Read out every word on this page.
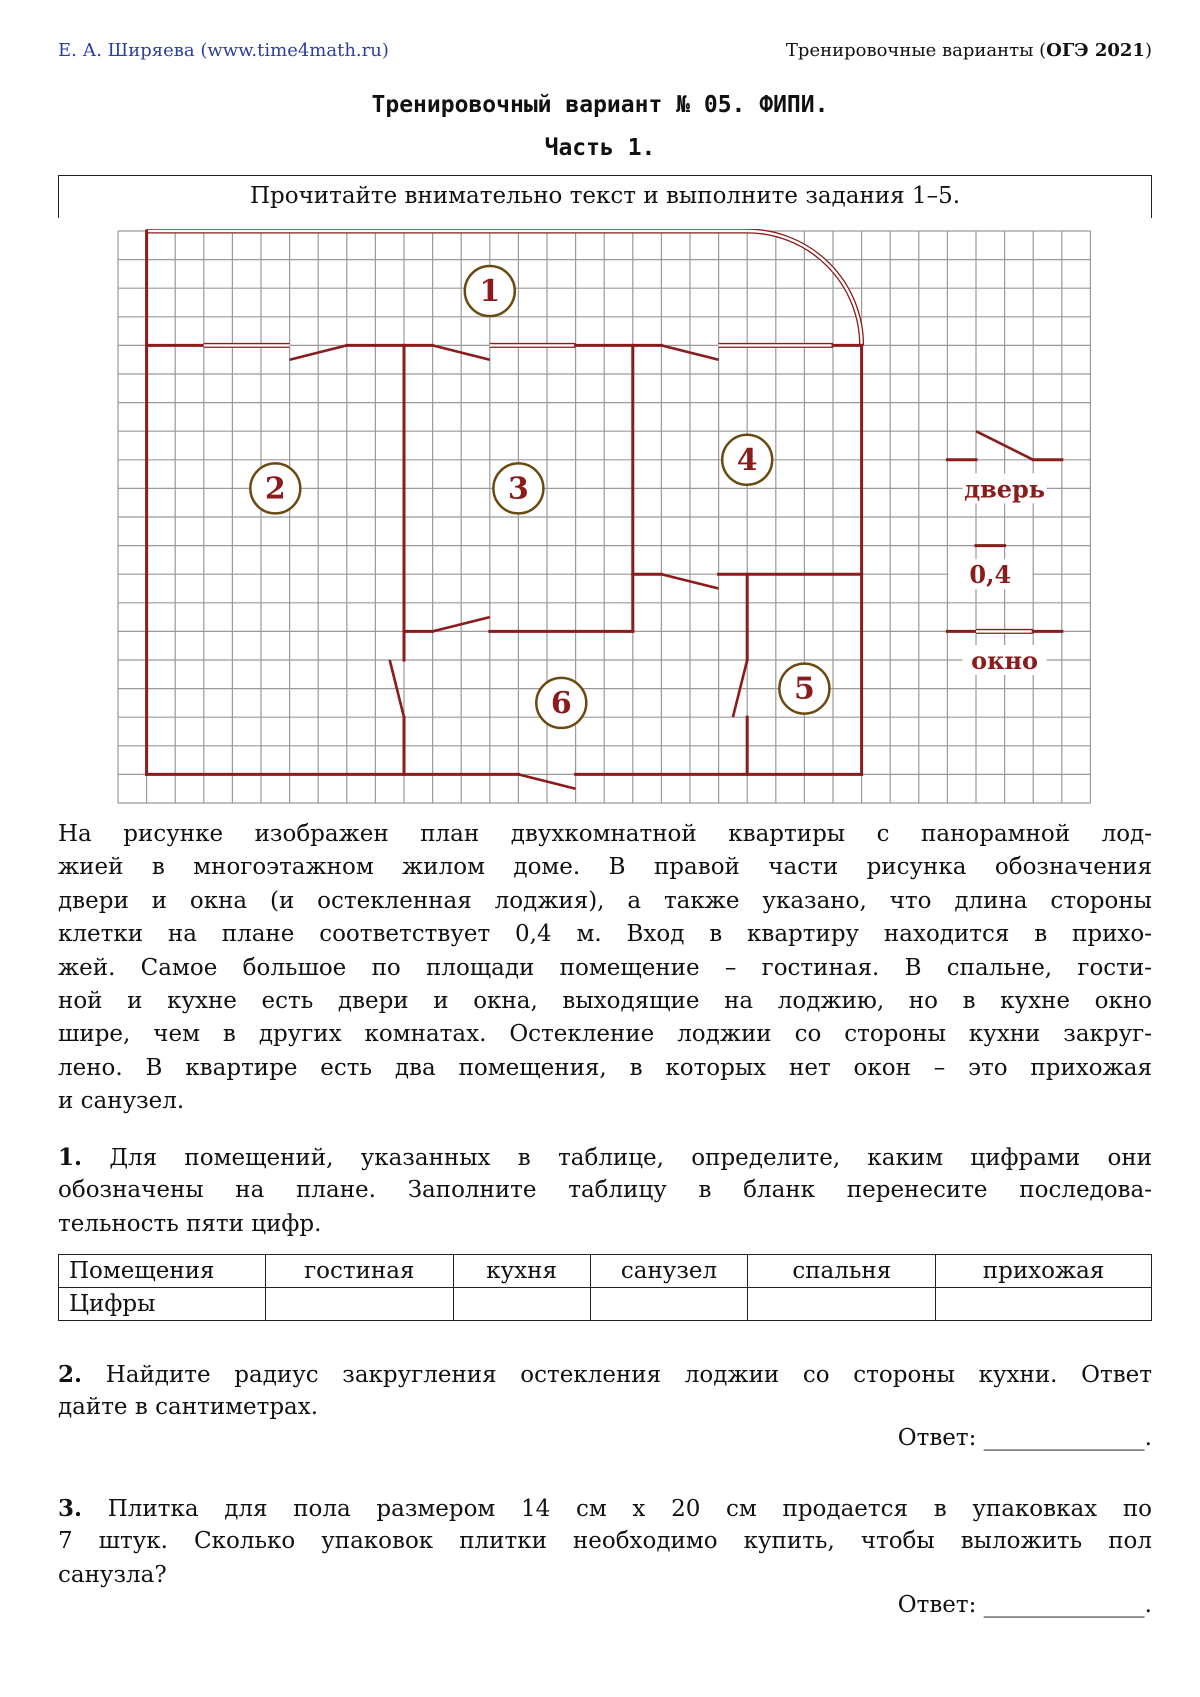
Е. А. Ширяева (www.time4math.ru)	Тренировочные варианты (ОГЭ 2021)
Тренировочный вариант № 05. ФИПИ.
Часть 1.
Прочитайте внимательно текст и выполните задания 1–5.
1
2	3
4
5
6
дверь
0,4
окно
На рисунке изображен план двухкомнатной квартиры с панорамной лод-
жией в многоэтажном жилом доме. В правой части рисунка обозначения
двери и окна (и остекленная лоджия), а также указано, что длина стороны
клетки на плане соответствует 0,4 м. Вход в квартиру находится в прихо-
жей. Самое большое по площади помещение – гостиная. В спальне, гости-
ной и кухне есть двери и окна, выходящие на лоджию, но в кухне окно
шире, чем в других комнатах. Остекление лоджии со стороны кухни закруг-
лено. В квартире есть два помещения, в которых нет окон – это прихожая
и санузел.
1. Для помещений, указанных в таблице, определите, каким цифрами они
обозначены на плане. Заполните таблицу в бланк перенесите последова-
тельность пяти цифр.
Помещения	гостиная	кухня	санузел	спальня	прихожая
Цифры					
2. Найдите радиус закругления остекления лоджии со стороны кухни. Ответ
дайте в сантиметрах.
Ответ: ______________.
3. Плитка для пола размером 14 см х 20 см продается в упаковках по
7 штук. Сколько упаковок плитки необходимо купить, чтобы выложить пол
санузла?
Ответ: ______________.
